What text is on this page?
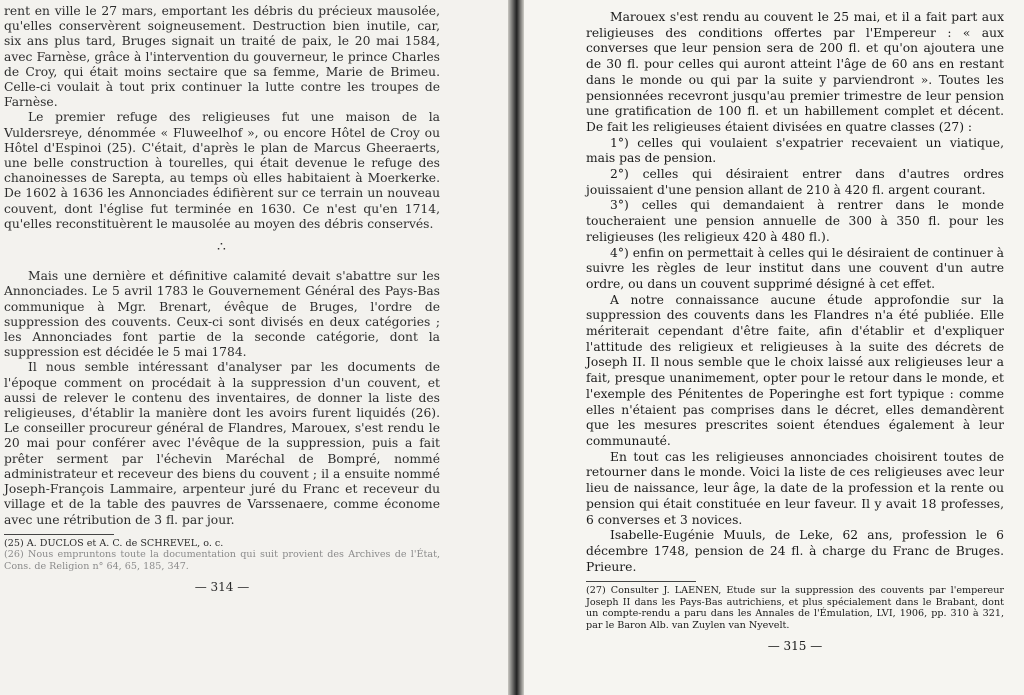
rent en ville le 27 mars, emportant les débris du précieux mausolée, qu'elles conservèrent soigneusement. Destruction bien inutile, car, six ans plus tard, Bruges signait un traité de paix, le 20 mai 1584, avec Farnèse, grâce à l'intervention du gouverneur, le prince Charles de Croy, qui était moins sectaire que sa femme, Marie de Brimeu. Celle-ci voulait à tout prix continuer la lutte contre les troupes de Farnèse.

Le premier refuge des religieuses fut une maison de la Vuldersreye, dénommée « Fluweelhof », ou encore Hôtel de Croy ou Hôtel d'Espinoi (25). C'était, d'après le plan de Marcus Gheeraerts, une belle construction à tourelles, qui était devenue le refuge des chanoinesses de Sarepta, au temps où elles habitaient à Moerkerke. De 1602 à 1636 les Annonciades édifièrent sur ce terrain un nouveau couvent, dont l'église fut terminée en 1630. Ce n'est qu'en 1714, qu'elles reconstituèrent le mausolée au moyen des débris conservés.

∴

Mais une dernière et définitive calamité devait s'abattre sur les Annonciades. Le 5 avril 1783 le Gouvernement Général des Pays-Bas communique à Mgr. Brenart, évêque de Bruges, l'ordre de suppression des couvents. Ceux-ci sont divisés en deux catégories ; les Annonciades font partie de la seconde catégorie, dont la suppression est décidée le 5 mai 1784.

Il nous semble intéressant d'analyser par les documents de l'époque comment on procédait à la suppression d'un couvent, et aussi de relever le contenu des inventaires, de donner la liste des religieuses, d'établir la manière dont les avoirs furent liquidés (26). Le conseiller procureur général de Flandres, Marouex, s'est rendu le 20 mai pour conférer avec l'évêque de la suppression, puis a fait prêter serment par l'échevin Maréchal de Bompré, nommé administrateur et receveur des biens du couvent ; il a ensuite nommé Joseph-François Lammaire, arpenteur juré du Franc et receveur du village et de la table des pauvres de Varssenaere, comme économe avec une rétribution de 3 fl. par jour.

(25) A. DUCLOS et A. C. de SCHREVEL, o. c.

(26) Nous empruntons toute la documentation qui suit provient des Archives de l'État, Cons. de Religion n° 64, 65, 185, 347.

— 314 —

Marouex s'est rendu au couvent le 25 mai, et il a fait part aux religieuses des conditions offertes par l'Empereur : « aux converses que leur pension sera de 200 fl. et qu'on ajoutera une de 30 fl. pour celles qui auront atteint l'âge de 60 ans en restant dans le monde ou qui par la suite y parviendront ». Toutes les pensionnées recevront jusqu'au premier trimestre de leur pension une gratification de 100 fl. et un habillement complet et décent. De fait les religieuses étaient divisées en quatre classes (27) :

1°) celles qui voulaient s'expatrier recevaient un viatique, mais pas de pension.

2°) celles qui désiraient entrer dans d'autres ordres jouissaient d'une pension allant de 210 à 420 fl. argent courant.

3°) celles qui demandaient à rentrer dans le monde toucheraient une pension annuelle de 300 à 350 fl. pour les religieuses (les religieux 420 à 480 fl.).

4°) enfin on permettait à celles qui le désiraient de continuer à suivre les règles de leur institut dans une couvent d'un autre ordre, ou dans un couvent supprimé désigné à cet effet.

A notre connaissance aucune étude approfondie sur la suppression des couvents dans les Flandres n'a été publiée. Elle mériterait cependant d'être faite, afin d'établir et d'expliquer l'attitude des religieux et religieuses à la suite des décrets de Joseph II. Il nous semble que le choix laissé aux religieuses leur a fait, presque unanimement, opter pour le retour dans le monde, et l'exemple des Pénitentes de Poperinghe est fort typique : comme elles n'étaient pas comprises dans le décret, elles demandèrent que les mesures prescrites soient étendues également à leur communauté.

En tout cas les religieuses annonciades choisirent toutes de retourner dans le monde. Voici la liste de ces religieuses avec leur lieu de naissance, leur âge, la date de la profession et la rente ou pension qui était constituée en leur faveur. Il y avait 18 professes, 6 converses et 3 novices.

Isabelle-Eugénie Muuls, de Leke, 62 ans, profession le 6 décembre 1748, pension de 24 fl. à charge du Franc de Bruges. Prieure.

(27) Consulter J. LAENEN, Etude sur la suppression des couvents par l'empereur Joseph II dans les Pays-Bas autrichiens, et plus spécialement dans le Brabant, dont un compte-rendu a paru dans les Annales de l'Émulation, LVI, 1906, pp. 310 à 321, par le Baron Alb. van Zuylen van Nyevelt.

— 315 —
